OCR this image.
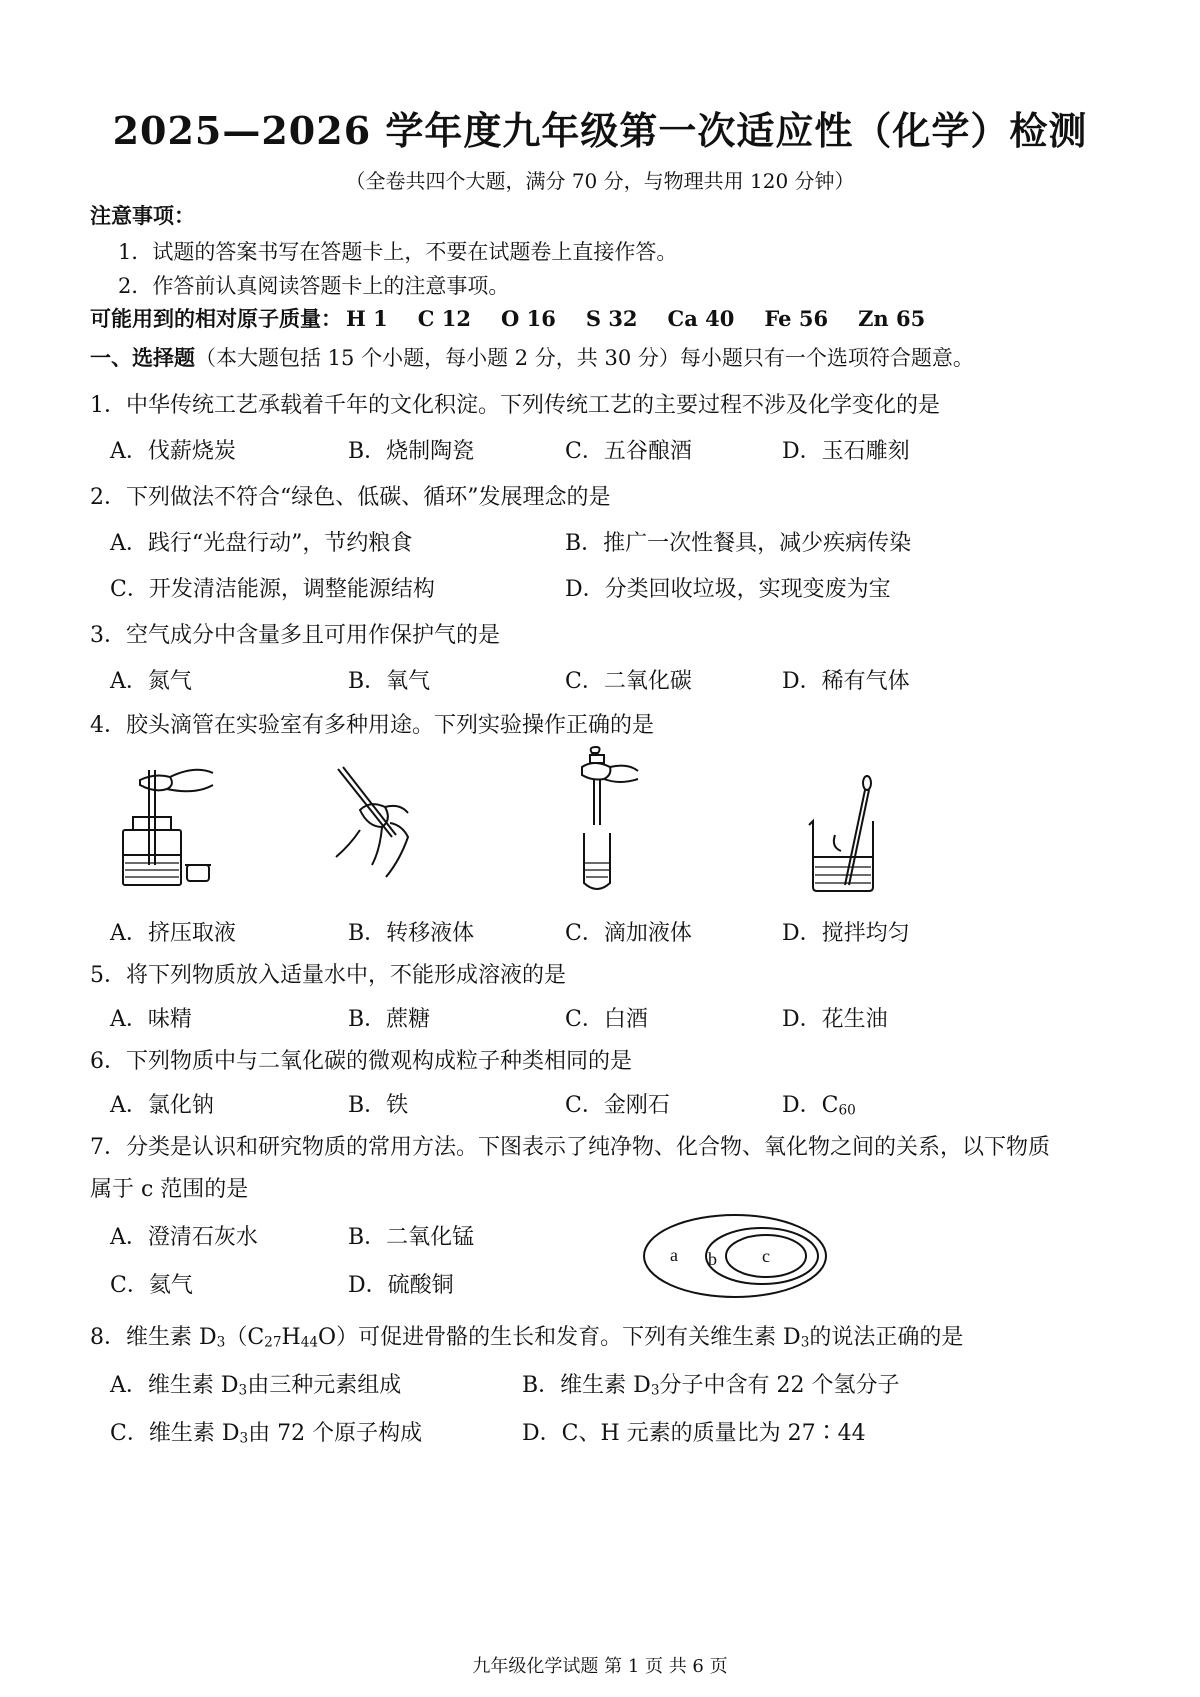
2025—2026 学年度九年级第一次适应性（化学）检测
（全卷共四个大题，满分 70 分，与物理共用 120 分钟）
注意事项：
1．试题的答案书写在答题卡上，不要在试题卷上直接作答。
2．作答前认真阅读答题卡上的注意事项。
可能用到的相对原子质量： H 1 C 12 O 16 S 32 Ca 40 Fe 56 Zn 65
一、选择题（本大题包括 15 个小题，每小题 2 分，共 30 分）每小题只有一个选项符合题意。
1．中华传统工艺承载着千年的文化积淀。下列传统工艺的主要过程不涉及化学变化的是
A．伐薪烧炭	B．烧制陶瓷	C．五谷酿酒	D．玉石雕刻
2．下列做法不符合“绿色、低碳、循环”发展理念的是
A．践行“光盘行动”，节约粮食	B．推广一次性餐具，减少疾病传染
C．开发清洁能源，调整能源结构	D．分类回收垃圾，实现变废为宝
3．空气成分中含量多且可用作保护气的是
A．氮气	B．氧气	C．二氧化碳	D．稀有气体
4．胶头滴管在实验室有多种用途。下列实验操作正确的是
A．挤压取液	B．转移液体	C．滴加液体	D．搅拌均匀
5．将下列物质放入适量水中，不能形成溶液的是
A．味精	B．蔗糖	C．白酒	D．花生油
6．下列物质中与二氧化碳的微观构成粒子种类相同的是
A．氯化钠	B．铁	C．金刚石	D．$C_{60}$
7．分类是认识和研究物质的常用方法。下图表示了纯净物、化合物、氧化物之间的关系，以下物质
属于 c 范围的是
A．澄清石灰水	B．二氧化锰
C．氦气	D．硫酸铜
a b	c
8．维生素 $D_3(C_{27}H_{44}O)$可促进骨骼的生长和发育。下列有关维生素 $D_3$的说法正确的是
A．维生素 $D_3$由三种元素组成	B．维生素 $D_3$分子中含有 22 个氢分子
C．维生素 $D_3$由 72 个原子构成	D．C、H 元素的质量比为 27∶44
九年级化学试题 第 1 页 共 6 页
